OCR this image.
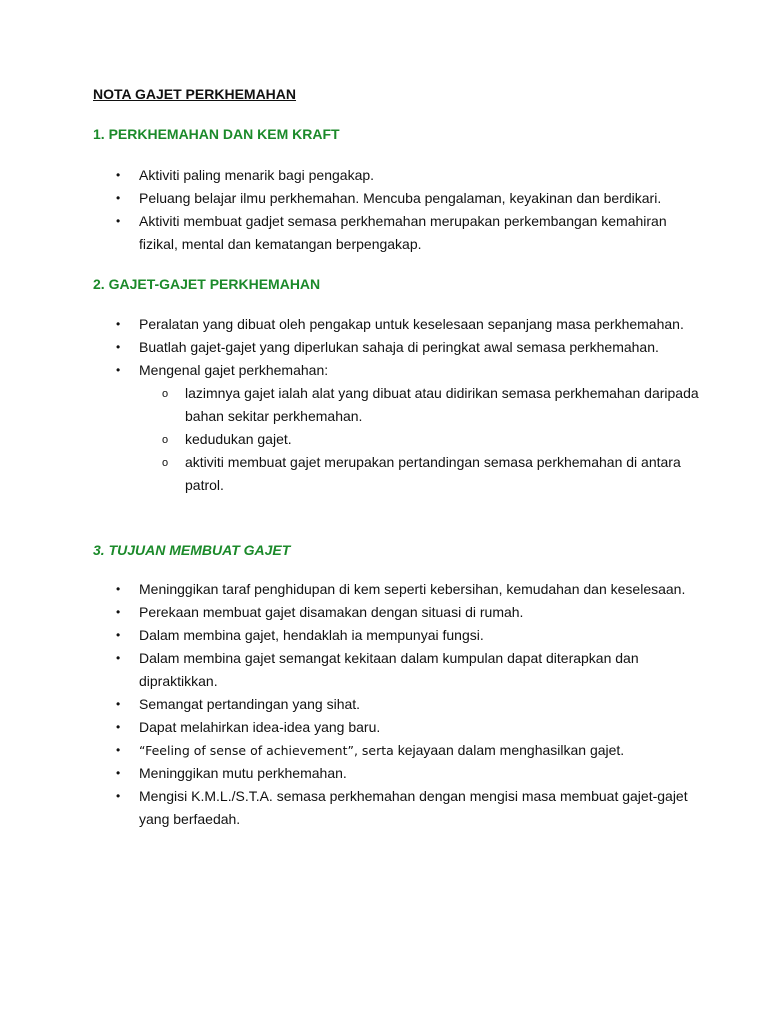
NOTA GAJET PERKHEMAHAN

1. PERKHEMAHAN DAN KEM KRAFT

• Aktiviti paling menarik bagi pengakap.
• Peluang belajar ilmu perkhemahan. Mencuba pengalaman, keyakinan dan berdikari.
• Aktiviti membuat gadjet semasa perkhemahan merupakan perkembangan kemahiran fizikal, mental dan kematangan berpengakap.

2. GAJET-GAJET PERKHEMAHAN

• Peralatan yang dibuat oleh pengakap untuk keselesaan sepanjang masa perkhemahan.
• Buatlah gajet-gajet yang diperlukan sahaja di peringkat awal semasa perkhemahan.
• Mengenal gajet perkhemahan:
o lazimnya gajet ialah alat yang dibuat atau didirikan semasa perkhemahan daripada bahan sekitar perkhemahan.
o kedudukan gajet.
o aktiviti membuat gajet merupakan pertandingan semasa perkhemahan di antara patrol.

3. TUJUAN MEMBUAT GAJET

• Meninggikan taraf penghidupan di kem seperti kebersihan, kemudahan dan keselesaan.
• Perekaan membuat gajet disamakan dengan situasi di rumah.
• Dalam membina gajet, hendaklah ia mempunyai fungsi.
• Dalam membina gajet semangat kekitaan dalam kumpulan dapat diterapkan dan dipraktikkan.
• Semangat pertandingan yang sihat.
• Dapat melahirkan idea-idea yang baru.
• “Feeling of sense of achievement”, serta kejayaan dalam menghasilkan gajet.
• Meninggikan mutu perkhemahan.
• Mengisi K.M.L./S.T.A. semasa perkhemahan dengan mengisi masa membuat gajet-gajet yang berfaedah.
